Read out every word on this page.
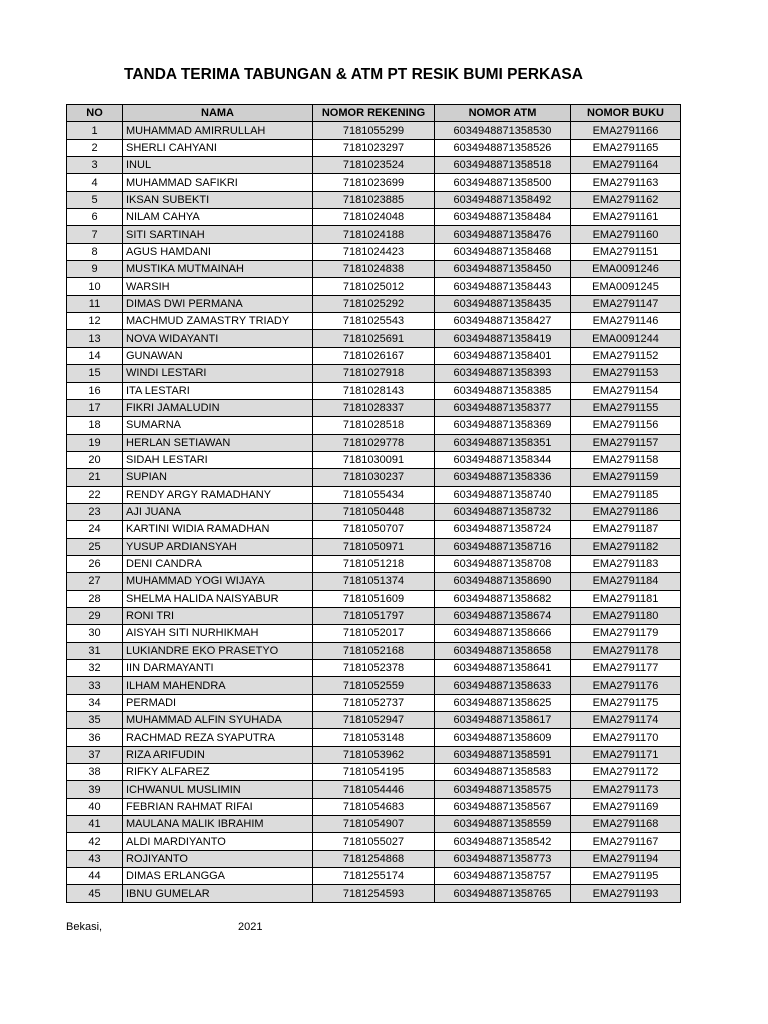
TANDA TERIMA TABUNGAN & ATM PT RESIK BUMI PERKASA
NO	NAMA	NOMOR REKENING	NOMOR ATM	NOMOR BUKU
1	MUHAMMAD AMIRRULLAH	7181055299	6034948871358530	EMA2791166
2	SHERLI CAHYANI	7181023297	6034948871358526	EMA2791165
3	INUL	7181023524	6034948871358518	EMA2791164
4	MUHAMMAD SAFIKRI	7181023699	6034948871358500	EMA2791163
5	IKSAN SUBEKTI	7181023885	6034948871358492	EMA2791162
6	NILAM CAHYA	7181024048	6034948871358484	EMA2791161
7	SITI SARTINAH	7181024188	6034948871358476	EMA2791160
8	AGUS HAMDANI	7181024423	6034948871358468	EMA2791151
9	MUSTIKA MUTMAINAH	7181024838	6034948871358450	EMA0091246
10	WARSIH	7181025012	6034948871358443	EMA0091245
11	DIMAS DWI PERMANA	7181025292	6034948871358435	EMA2791147
12	MACHMUD ZAMASTRY TRIADY	7181025543	6034948871358427	EMA2791146
13	NOVA WIDAYANTI	7181025691	6034948871358419	EMA0091244
14	GUNAWAN	7181026167	6034948871358401	EMA2791152
15	WINDI LESTARI	7181027918	6034948871358393	EMA2791153
16	ITA LESTARI	7181028143	6034948871358385	EMA2791154
17	FIKRI JAMALUDIN	7181028337	6034948871358377	EMA2791155
18	SUMARNA	7181028518	6034948871358369	EMA2791156
19	HERLAN SETIAWAN	7181029778	6034948871358351	EMA2791157
20	SIDAH LESTARI	7181030091	6034948871358344	EMA2791158
21	SUPIAN	7181030237	6034948871358336	EMA2791159
22	RENDY ARGY RAMADHANY	7181055434	6034948871358740	EMA2791185
23	AJI JUANA	7181050448	6034948871358732	EMA2791186
24	KARTINI WIDIA RAMADHAN	7181050707	6034948871358724	EMA2791187
25	YUSUP ARDIANSYAH	7181050971	6034948871358716	EMA2791182
26	DENI CANDRA	7181051218	6034948871358708	EMA2791183
27	MUHAMMAD YOGI WIJAYA	7181051374	6034948871358690	EMA2791184
28	SHELMA HALIDA NAISYABUR	7181051609	6034948871358682	EMA2791181
29	RONI TRI	7181051797	6034948871358674	EMA2791180
30	AISYAH SITI NURHIKMAH	7181052017	6034948871358666	EMA2791179
31	LUKIANDRE EKO PRASETYO	7181052168	6034948871358658	EMA2791178
32	IIN DARMAYANTI	7181052378	6034948871358641	EMA2791177
33	ILHAM MAHENDRA	7181052559	6034948871358633	EMA2791176
34	PERMADI	7181052737	6034948871358625	EMA2791175
35	MUHAMMAD ALFIN SYUHADA	7181052947	6034948871358617	EMA2791174
36	RACHMAD REZA SYAPUTRA	7181053148	6034948871358609	EMA2791170
37	RIZA ARIFUDIN	7181053962	6034948871358591	EMA2791171
38	RIFKY ALFAREZ	7181054195	6034948871358583	EMA2791172
39	ICHWANUL MUSLIMIN	7181054446	6034948871358575	EMA2791173
40	FEBRIAN RAHMAT RIFAI	7181054683	6034948871358567	EMA2791169
41	MAULANA MALIK IBRAHIM	7181054907	6034948871358559	EMA2791168
42	ALDI MARDIYANTO	7181055027	6034948871358542	EMA2791167
43	ROJIYANTO	7181254868	6034948871358773	EMA2791194
44	DIMAS ERLANGGA	7181255174	6034948871358757	EMA2791195
45	IBNU GUMELAR	7181254593	6034948871358765	EMA2791193
Bekasi,	2021
